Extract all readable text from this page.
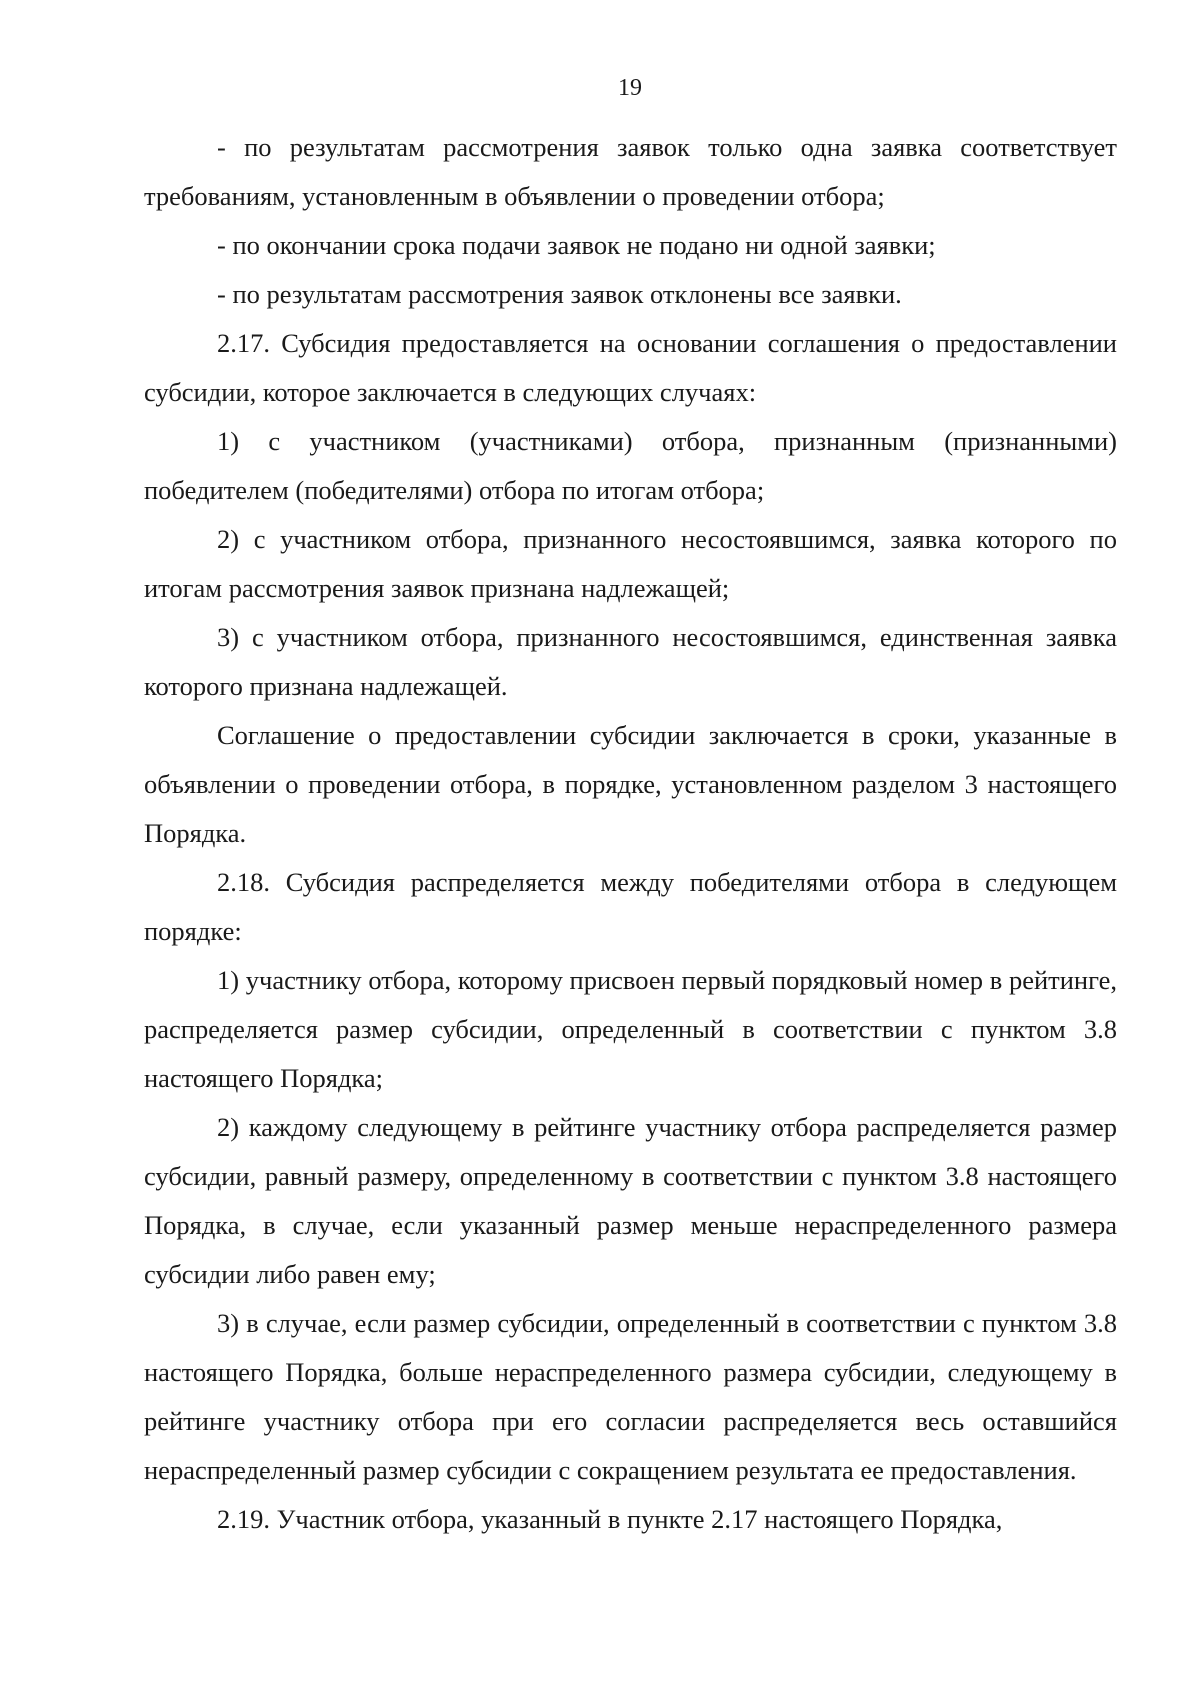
19

- по результатам рассмотрения заявок только одна заявка соответствует требованиям, установленным в объявлении о проведении отбора;

- по окончании срока подачи заявок не подано ни одной заявки;

- по результатам рассмотрения заявок отклонены все заявки.

2.17. Субсидия предоставляется на основании соглашения о предоставлении субсидии, которое заключается в следующих случаях:

1) с участником (участниками) отбора, признанным (признанными) победителем (победителями) отбора по итогам отбора;

2) с участником отбора, признанного несостоявшимся, заявка которого по итогам рассмотрения заявок признана надлежащей;

3) с участником отбора, признанного несостоявшимся, единственная заявка которого признана надлежащей.

Соглашение о предоставлении субсидии заключается в сроки, указанные в объявлении о проведении отбора, в порядке, установленном разделом 3 настоящего Порядка.

2.18. Субсидия распределяется между победителями отбора в следующем порядке:

1) участнику отбора, которому присвоен первый порядковый номер в рейтинге, распределяется размер субсидии, определенный в соответствии с пунктом 3.8 настоящего Порядка;

2) каждому следующему в рейтинге участнику отбора распределяется размер субсидии, равный размеру, определенному в соответствии с пунктом 3.8 настоящего Порядка, в случае, если указанный размер меньше нераспределенного размера субсидии либо равен ему;

3) в случае, если размер субсидии, определенный в соответствии с пунктом 3.8 настоящего Порядка, больше нераспределенного размера субсидии, следующему в рейтинге участнику отбора при его согласии распределяется весь оставшийся нераспределенный размер субсидии с сокращением результата ее предоставления.

2.19. Участник отбора, указанный в пункте 2.17 настоящего Порядка,
